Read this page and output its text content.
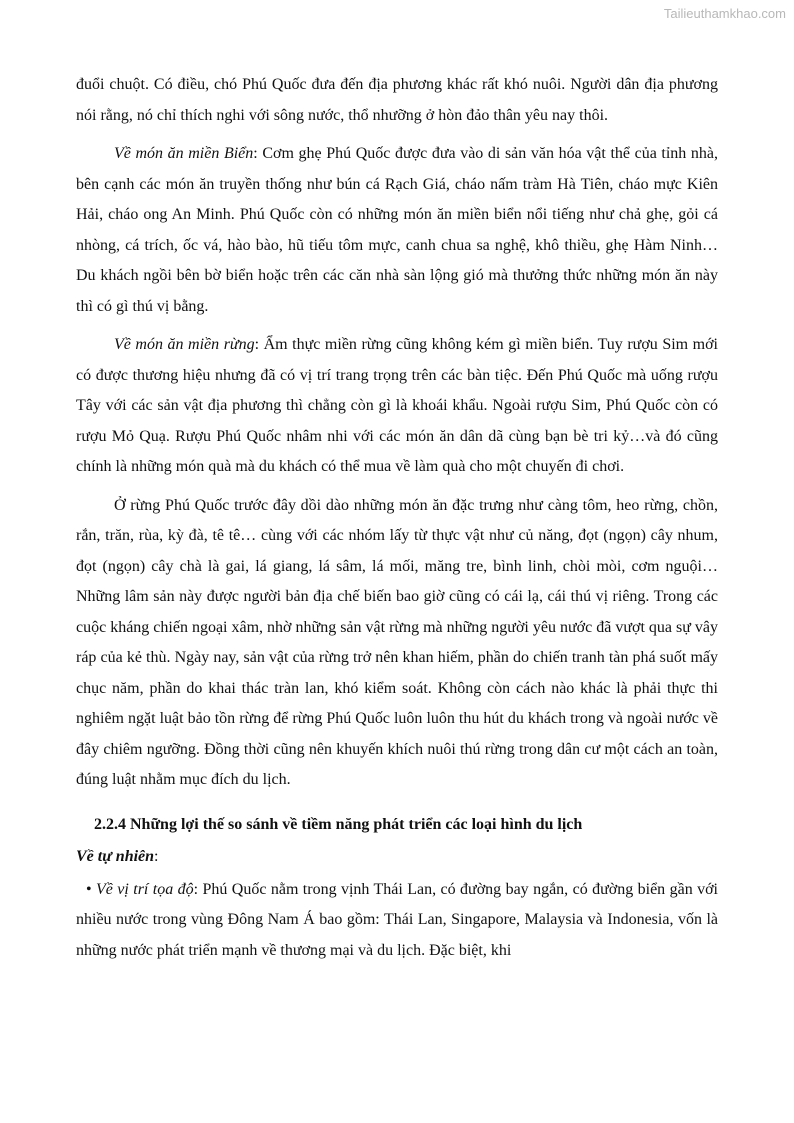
Tailieuthamkhao.com

đuổi chuột. Có điều, chó Phú Quốc đưa đến địa phương khác rất khó nuôi. Người dân địa phương nói rằng, nó chỉ thích nghi với sông nước, thổ nhưỡng ở hòn đảo thân yêu nay thôi.

Về món ăn miền Biển: Cơm ghẹ Phú Quốc được đưa vào di sản văn hóa vật thể của tỉnh nhà, bên cạnh các món ăn truyền thống như bún cá Rạch Giá, cháo nấm tràm Hà Tiên, cháo mực Kiên Hải, cháo ong An Minh. Phú Quốc còn có những món ăn miền biển nổi tiếng như chả ghẹ, gỏi cá nhòng, cá trích, ốc vá, hào bào, hũ tiếu tôm mực, canh chua sa nghệ, khô thiều, ghẹ Hàm Ninh… Du khách ngồi bên bờ biển hoặc trên các căn nhà sàn lộng gió mà thưởng thức những món ăn này thì có gì thú vị bằng.

Về món ăn miền rừng: Ẩm thực miền rừng cũng không kém gì miền biển. Tuy rượu Sim mới có được thương hiệu nhưng đã có vị trí trang trọng trên các bàn tiệc. Đến Phú Quốc mà uống rượu Tây với các sản vật địa phương thì chẳng còn gì là khoái khẩu. Ngoài rượu Sim, Phú Quốc còn có rượu Mỏ Quạ. Rượu Phú Quốc nhâm nhi với các món ăn dân dã cùng bạn bè tri kỷ…và đó cũng chính là những món quà mà du khách có thể mua về làm quà cho một chuyến đi chơi.

Ở rừng Phú Quốc trước đây dồi dào những món ăn đặc trưng như càng tôm, heo rừng, chồn, rắn, trăn, rùa, kỳ đà, tê tê… cùng với các nhóm lấy từ thực vật như củ năng, đọt (ngọn) cây nhum, đọt (ngọn) cây chà là gai, lá giang, lá sâm, lá mối, măng tre, bình linh, chòi mòi, cơm nguội… Những lâm sản này được người bản địa chế biến bao giờ cũng có cái lạ, cái thú vị riêng. Trong các cuộc kháng chiến ngoại xâm, nhờ những sản vật rừng mà những người yêu nước đã vượt qua sự vây ráp của kẻ thù. Ngày nay, sản vật của rừng trở nên khan hiếm, phần do chiến tranh tàn phá suốt mấy chục năm, phần do khai thác tràn lan, khó kiểm soát. Không còn cách nào khác là phải thực thi nghiêm ngặt luật bảo tồn rừng để rừng Phú Quốc luôn luôn thu hút du khách trong và ngoài nước về đây chiêm ngưỡng. Đồng thời cũng nên khuyến khích nuôi thú rừng trong dân cư một cách an toàn, đúng luật nhằm mục đích du lịch.

2.2.4 Những lợi thế so sánh về tiềm năng phát triển các loại hình du lịch

Về tự nhiên:

• Về vị trí tọa độ: Phú Quốc nằm trong vịnh Thái Lan, có đường bay ngắn, có đường biển gần với nhiều nước trong vùng Đông Nam Á bao gồm: Thái Lan, Singapore, Malaysia và Indonesia, vốn là những nước phát triển mạnh về thương mại và du lịch. Đặc biệt, khi
